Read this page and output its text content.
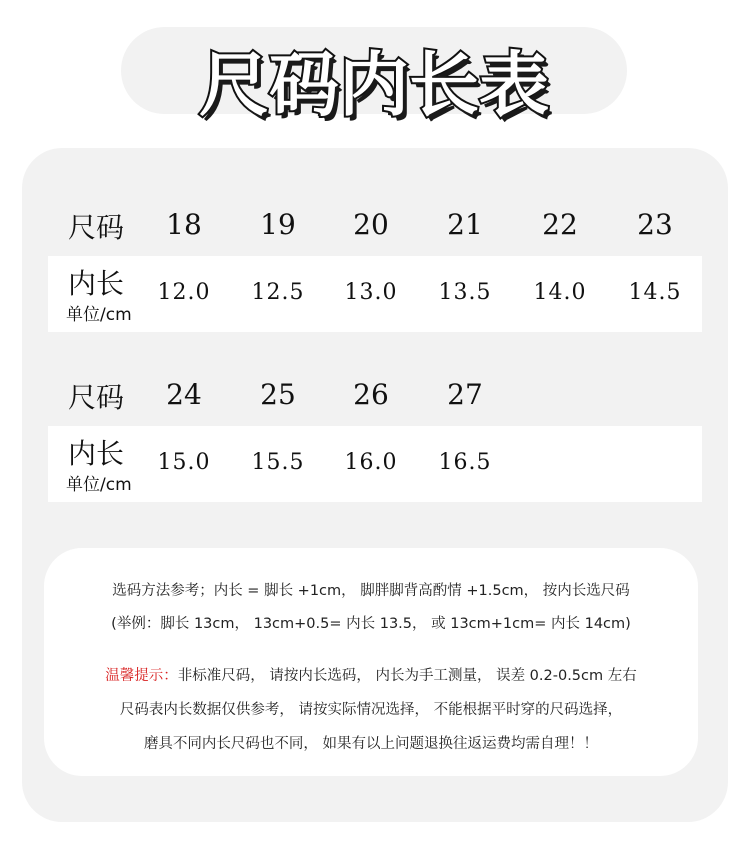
尺码内长表
尺码	18	19	20	21	22	23
内长
单位/cm
12.0	12.5	13.0	13.5	14.0	14.5
尺码	24	25	26	27
内长
单位/cm
15.0	15.5	16.0	16.5
选码方法参考；内长 = 脚长 +1cm， 脚胖脚背高酌情 +1.5cm， 按内长选尺码
(举例：脚长 13cm， 13cm+0.5= 内长 13.5， 或 13cm+1cm= 内长 14cm)
温馨提示：非标准尺码， 请按内长选码， 内长为手工测量， 误差 0.2-0.5cm 左右
尺码表内长数据仅供参考， 请按实际情况选择， 不能根据平时穿的尺码选择，
磨具不同内长尺码也不同， 如果有以上问题退换往返运费均需自理！！
